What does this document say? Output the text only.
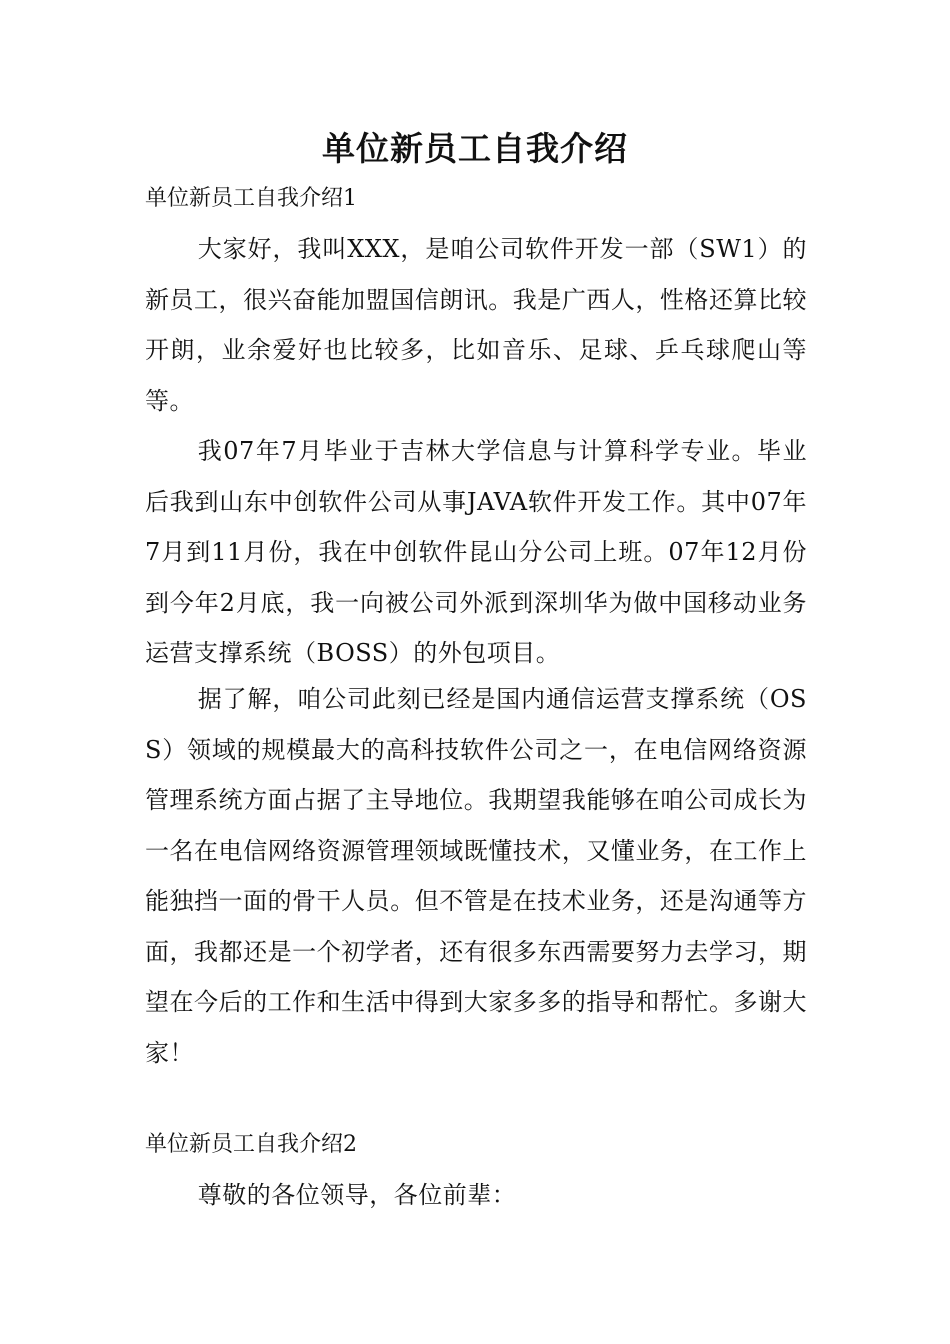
单位新员工自我介绍
单位新员工自我介绍1
大家好，我叫XXX，是咱公司软件开发一部（SW1）的新员工，很兴奋能加盟国信朗讯。我是广西人，性格还算比较开朗，业余爱好也比较多，比如音乐、足球、乒乓球爬山等等。
我07年7月毕业于吉林大学信息与计算科学专业。毕业后我到山东中创软件公司从事JAVA软件开发工作。其中07年7月到11月份，我在中创软件昆山分公司上班。07年12月份到今年2月底，我一向被公司外派到深圳华为做中国移动业务运营支撑系统（BOSS）的外包项目。
据了解，咱公司此刻已经是国内通信运营支撑系统（OSS）领域的规模最大的高科技软件公司之一，在电信网络资源管理系统方面占据了主导地位。我期望我能够在咱公司成长为一名在电信网络资源管理领域既懂技术，又懂业务，在工作上能独挡一面的骨干人员。但不管是在技术业务，还是沟通等方面，我都还是一个初学者，还有很多东西需要努力去学习，期望在今后的工作和生活中得到大家多多的指导和帮忙。多谢大家！
单位新员工自我介绍2
尊敬的各位领导，各位前辈：
